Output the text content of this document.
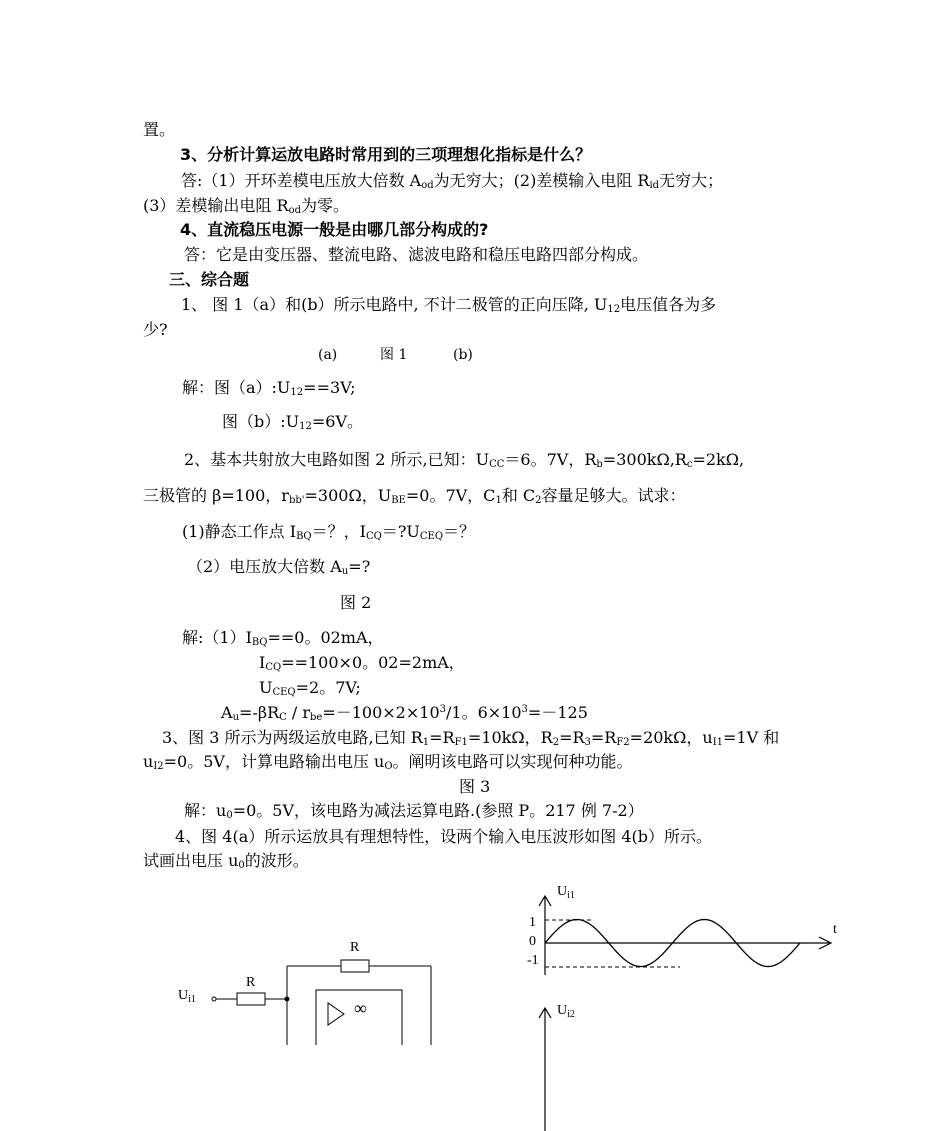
置。
3、分析计算运放电路时常用到的三项理想化指标是什么？
答:（1）开环差模电压放大倍数 $A_{od}$为无穷大；(2)差模输入电阻 $R_{id}$无穷大；
(3）差模输出电阻 $R_{od}$为零。
4、直流稳压电源一般是由哪几部分构成的?
答：它是由变压器、整流电路、滤波电路和稳压电路四部分构成。
三、综合题
1、 图 1（a）和(b）所示电路中, 不计二极管的正向压降, $U_{12}$电压值各为多
少?
(a)	图 1	(b)
解：图$(a):U_{12}==3V$;
图$(b):U_{12}=6V$。
2、基本共射放大电路如图 2 所示,已知：$U_{CC}=6$。7V，$R_b=300k\Omega,R_c=2k\Omega$,
三极管的 β=100，$r_{bb'}=300\Omega$，$U_{BE}=0$。7V，$C_1$和 $C_2$容量足够大。试求：
(1)静态工作点 $I_{BQ}=$？，$I_{CQ}=?U_{CEQ}=$？
（2）电压放大倍数 $A_u=$?
图 2
解$:(1)I_{BQ}==0$。02mA，
$I_{CQ}==100\times 0$。02=2mA，
$U_{CEQ}=2$。7V;
$A_u=-\beta R_C / r_{be}=-100\times 2\times 10^3/1$。$6\times 10^3=-125$
3、图 3 所示为两级运放电路,已知 $R_1=R_{F1}=10k\Omega$，$R_2=R_3=R_{F2}=20k\Omega$，$u_{I1}=1V$ 和
$u_{I2}=0$。5V，计算电路输出电压 $u_O$。阐明该电路可以实现何种功能。
图 3
解：$u_0=0$。5V，该电路为减法运算电路.(参照 P。217 例 7-2）
4、图 4(a）所示运放具有理想特性，设两个输入电压波形如图 4(b）所示。
试画出电压 $u_0$的波形。
$U_{i1}$
R
R
∞
$U_{i1}$
$U_{i2}$
t
1
0
-1
